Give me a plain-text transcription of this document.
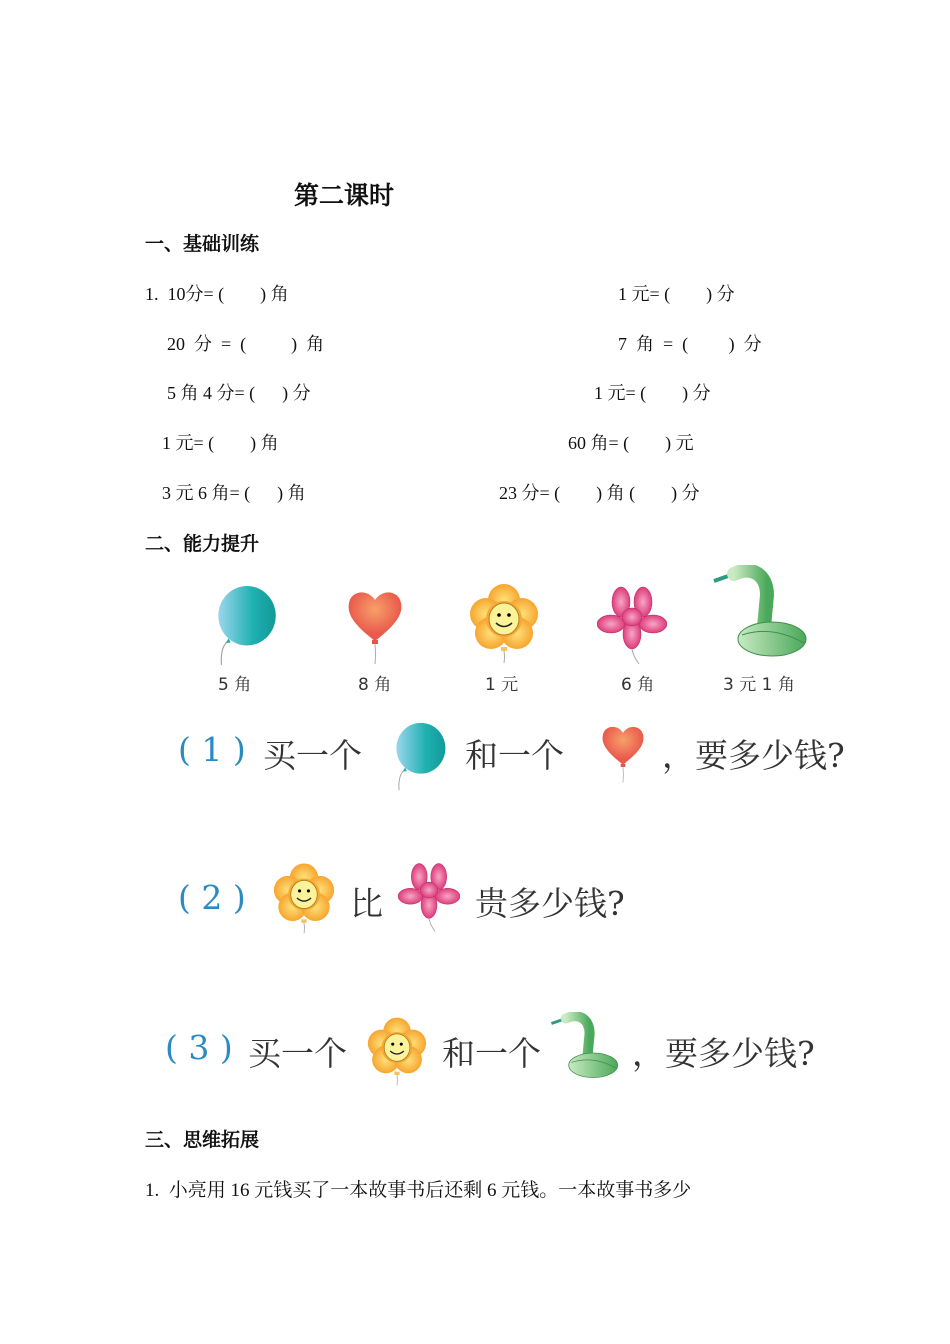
第二课时
一、基础训练
1.  10分= (        ) 角	1 元= (        ) 分
20  分  =  (          )  角	7  角  =  (         )  分
5 角 4 分= (      ) 分	1 元= (        ) 分
1 元= (        ) 角	60 角= (        ) 元
3 元 6 角= (      ) 角	23 分= (        ) 角 (        ) 分
二、能力提升
5 角	8 角	1 元	6 角	3 元 1 角
( 1 ) 买一个	和一个	，要多少钱?
( 2 )	比	贵多少钱?
( 3 ) 买一个	和一个	，要多少钱?
三、思维拓展
1.  小亮用 16 元钱买了一本故事书后还剩 6 元钱。一本故事书多少
